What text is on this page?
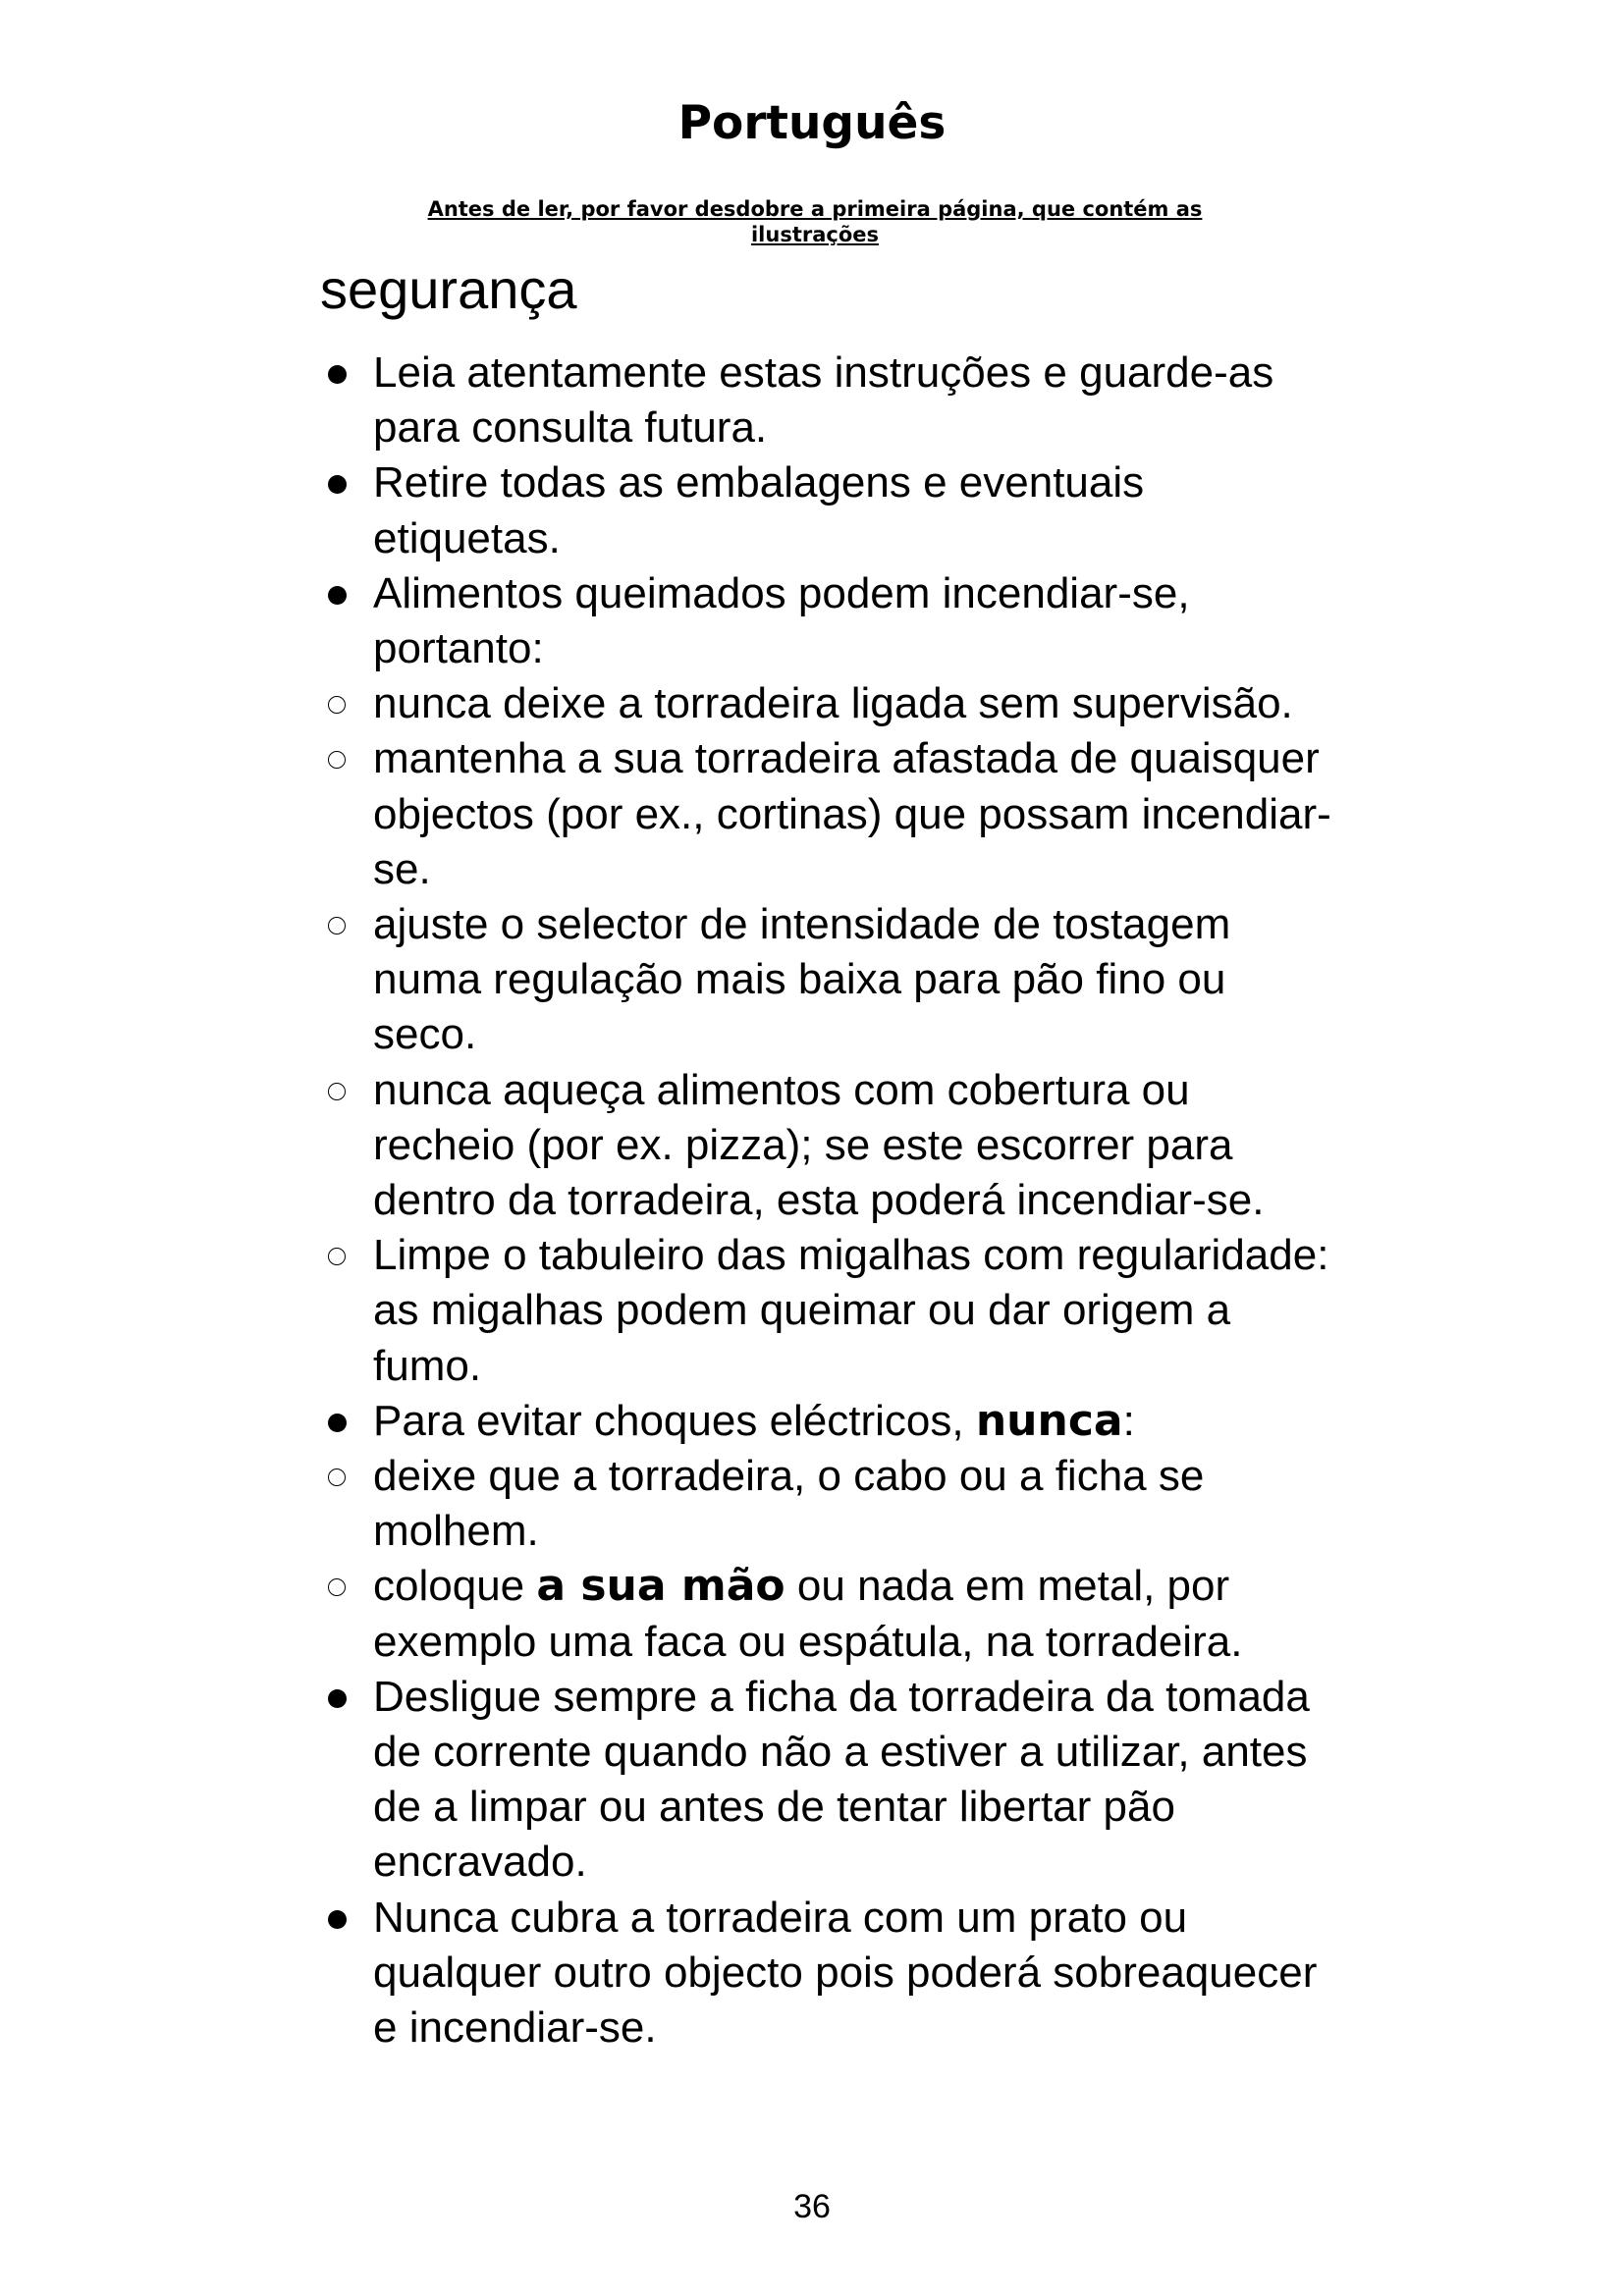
Português

Antes de ler, por favor desdobre a primeira página, que contém as ilustrações

segurança
Leia atentamente estas instruções e guarde-as para consulta futura.
Retire todas as embalagens e eventuais etiquetas.
Alimentos queimados podem incendiar-se, portanto:
nunca deixe a torradeira ligada sem supervisão.
mantenha a sua torradeira afastada de quaisquer objectos (por ex., cortinas) que possam incendiar-se.
ajuste o selector de intensidade de tostagem numa regulação mais baixa para pão fino ou seco.
nunca aqueça alimentos com cobertura ou recheio (por ex. pizza); se este escorrer para dentro da torradeira, esta poderá incendiar-se.
Limpe o tabuleiro das migalhas com regularidade: as migalhas podem queimar ou dar origem a fumo.
Para evitar choques eléctricos, nunca:
deixe que a torradeira, o cabo ou a ficha se molhem.
coloque a sua mão ou nada em metal, por exemplo uma faca ou espátula, na torradeira.
Desligue sempre a ficha da torradeira da tomada de corrente quando não a estiver a utilizar, antes de a limpar ou antes de tentar libertar pão encravado.
Nunca cubra a torradeira com um prato ou qualquer outro objecto pois poderá sobreaquecer e incendiar-se.

36
